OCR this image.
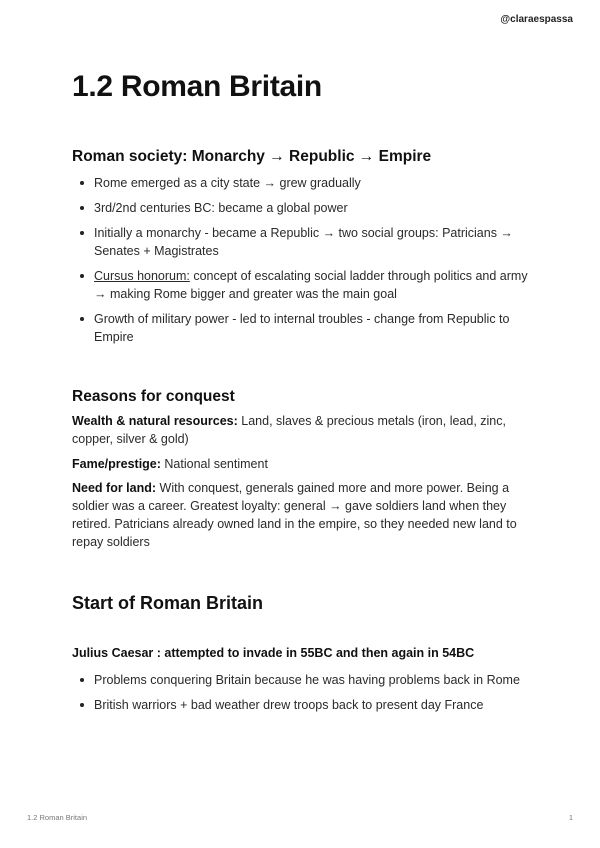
@claraespassa
1.2 Roman Britain
Roman society: Monarchy → Republic → Empire
Rome emerged as a city state → grew gradually
3rd/2nd centuries BC: became a global power
Initially a monarchy - became a Republic → two social groups: Patricians → Senates + Magistrates
Cursus honorum: concept of escalating social ladder through politics and army → making Rome bigger and greater was the main goal
Growth of military power - led to internal troubles - change from Republic to Empire
Reasons for conquest

Wealth & natural resources: Land, slaves & precious metals (iron, lead, zinc, copper, silver & gold)

Fame/prestige: National sentiment

Need for land: With conquest, generals gained more and more power. Being a soldier was a career. Greatest loyalty: general → gave soldiers land when they retired. Patricians already owned land in the empire, so they needed new land to repay soldiers

Start of Roman Britain

Julius Caesar : attempted to invade in 55BC and then again in 54BC

Problems conquering Britain because he was having problems back in Rome
British warriors + bad weather drew troops back to present day France
1.2 Roman Britain	1
